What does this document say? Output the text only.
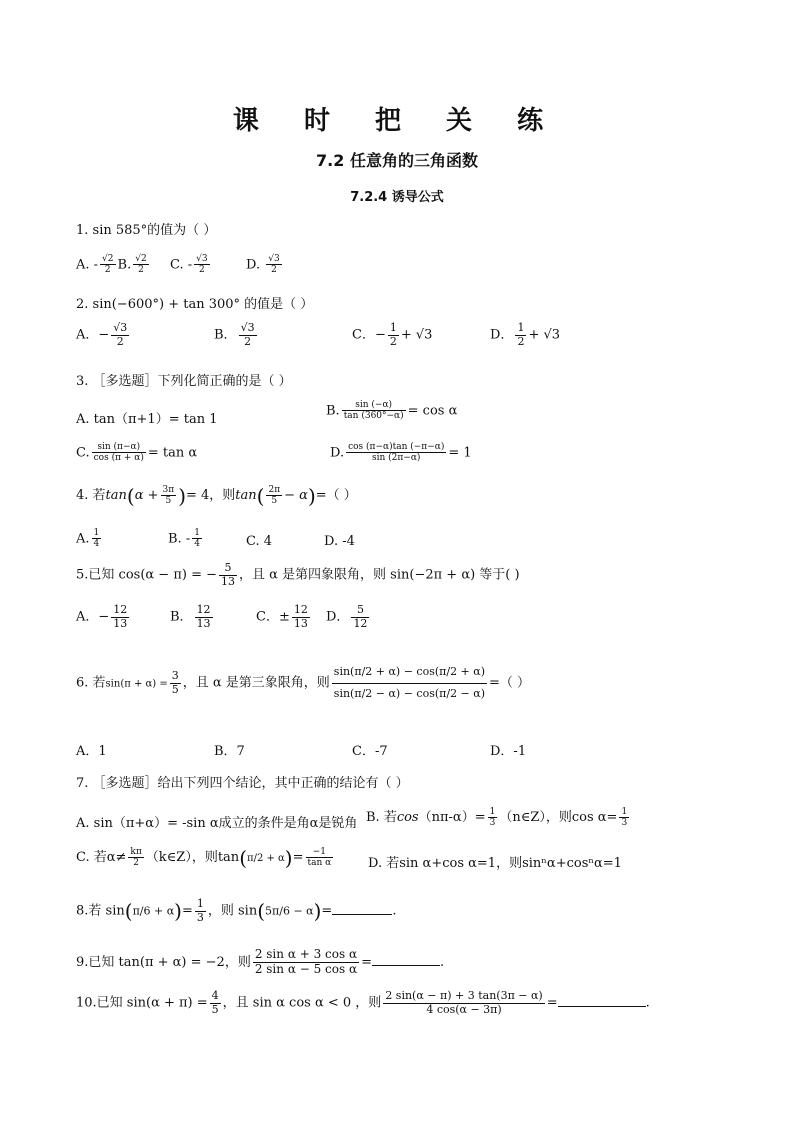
课 时 把 关 练
7.2 任意角的三角函数
7.2.4 诱导公式
1. sin 585°的值为（ ）
A. - $\frac{√2}{2} B$. $\frac{√2}{2} C$. - $\frac{√3}{2}$	D. $\frac{√3}{2}$
2. sin(−600°) + tan 300° 的值是（ ）
A．− $\frac{√3}{2}$	B． $\frac{√3}{2}$	C．− $\frac{1}{2} + √3$	D． $\frac{1}{2} + √3$
3. ［多选题］下列化简正确的是（ ）
A. tan（π+1）= tan 1
B. $\frac{\sin (-\alpha)}{\tan (360^\circ-\alpha)} = \cos \alpha$
C. $\frac{\sin (\pi-\alpha)}{\cos (\pi + \alpha)} = \tan \alpha$	D. $\frac{\cos (\pi-\alpha)\tan (-\pi-\alpha)}{\sin (2\pi-\alpha)} = 1$
4. 若$\tan(\alpha + \frac{3\pi}{5}$ )= 4，则$\tan( \frac{2\pi}{5} - \alpha)=$（ ）
A. $\frac{1}{4}$	B. - $\frac{1}{4}$	C. 4	D. -4
5.已知 cos(α − π) = − $\frac{5}{13}$ ，且 α 是第四象限角，则 sin(−2π + α) 等于( )
A．− $\frac{12}{13}$	B． $\frac{12}{13}$	C．± $\frac{12}{13}$ D． $\frac{5}{12}$
6. 若$\sin(\pi + \alpha) = \frac{3}{5}$ ，且 α 是第三象限角，则 $\frac{\sin(\pi/2 + \alpha) - \cos(\pi/2 + \alpha)}{\sin(\pi/2 - \alpha) - \cos(\pi/2 - \alpha)}$ =（ ）
A．1	B．7	C．-7	D．-1
7. ［多选题］给出下列四个结论，其中正确的结论有（ ）
A. sin（π+α）= -sin α成立的条件是角α是锐角 B. 若$\cos(n\pi-\alpha)= \frac{1}{3}$ （n∈Z），则$\cos \alpha= \frac{1}{3}$
C. 若$\alpha\ne \frac{k\pi}{2}$ （k∈Z），则$\tan(\pi/2 + \alpha)= \frac{-1}{\text{tan α}}$	D. 若sin α+cos α=1，则sinⁿα+cosⁿα=1
8.若 $\sin(\pi/6 + \alpha)= \frac{1}{3}$ ，则 sin(5π/6 − α)=	.
9.已知 tan(π + α) = −2，则 $\frac{\text{2 sin α + 3 cos α}}{\text{2 sin α − 5 cos α}}$ =	.
10.已知 $\sin(\alpha + \pi) = \frac{4}{5}$ ，且 sin α cos α < 0 ，则 $\frac{2 \sin(\alpha - \pi) + 3 \tan(3\pi - \alpha)}{4 \cos(\alpha - 3\pi)}$ =	.
